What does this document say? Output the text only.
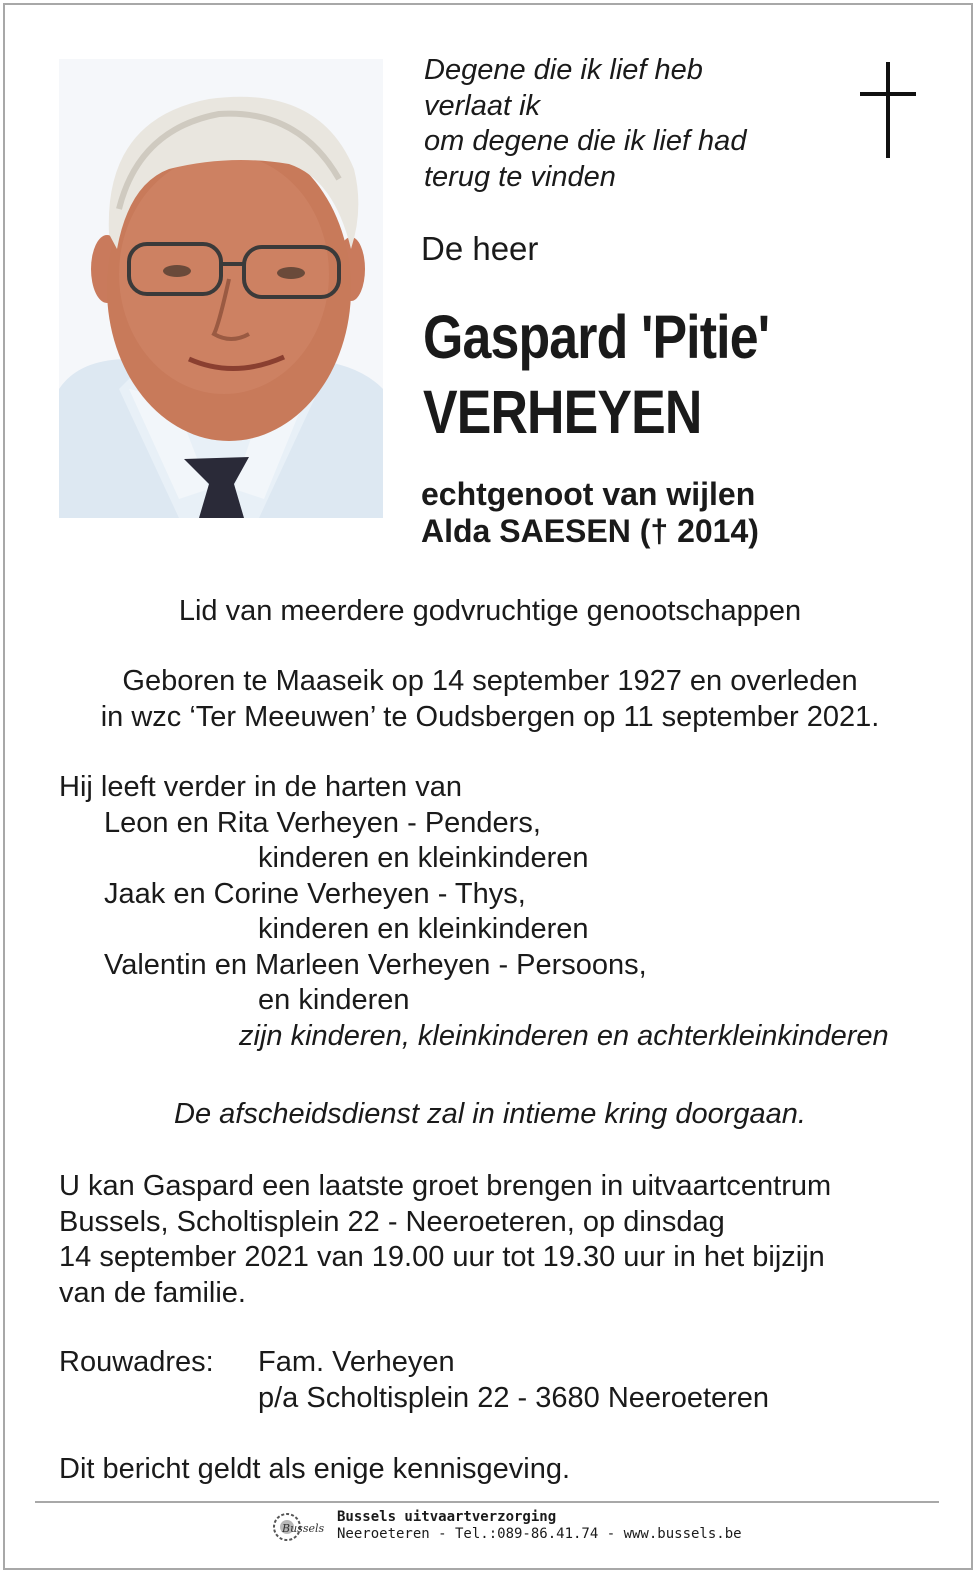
Degene die ik lief heb
verlaat ik
om degene die ik lief had
terug te vinden
De heer
Gaspard 'Pitie'
VERHEYEN
echtgenoot van wijlen
Alda SAESEN († 2014)
Lid van meerdere godvruchtige genootschappen
Geboren te Maaseik op 14 september 1927 en overleden
in wzc ‘Ter Meeuwen’ te Oudsbergen op 11 september 2021.
Hij leeft verder in de harten van
Leon en Rita Verheyen - Penders,
kinderen en kleinkinderen
Jaak en Corine Verheyen - Thys,
kinderen en kleinkinderen
Valentin en Marleen Verheyen - Persoons,
en kinderen
zijn kinderen, kleinkinderen en achterkleinkinderen
De afscheidsdienst zal in intieme kring doorgaan.
U kan Gaspard een laatste groet brengen in uitvaartcentrum
Bussels, Scholtisplein 22 - Neeroeteren, op dinsdag
14 september 2021 van 19.00 uur tot 19.30 uur in het bijzijn
van de familie.
Rouwadres: Fam. Verheyen
p/a Scholtisplein 22 - 3680 Neeroeteren
Dit bericht geldt als enige kennisgeving.
Bussels
Bussels uitvaartverzorging
Neeroeteren - Tel.:089-86.41.74 - www.bussels.be
